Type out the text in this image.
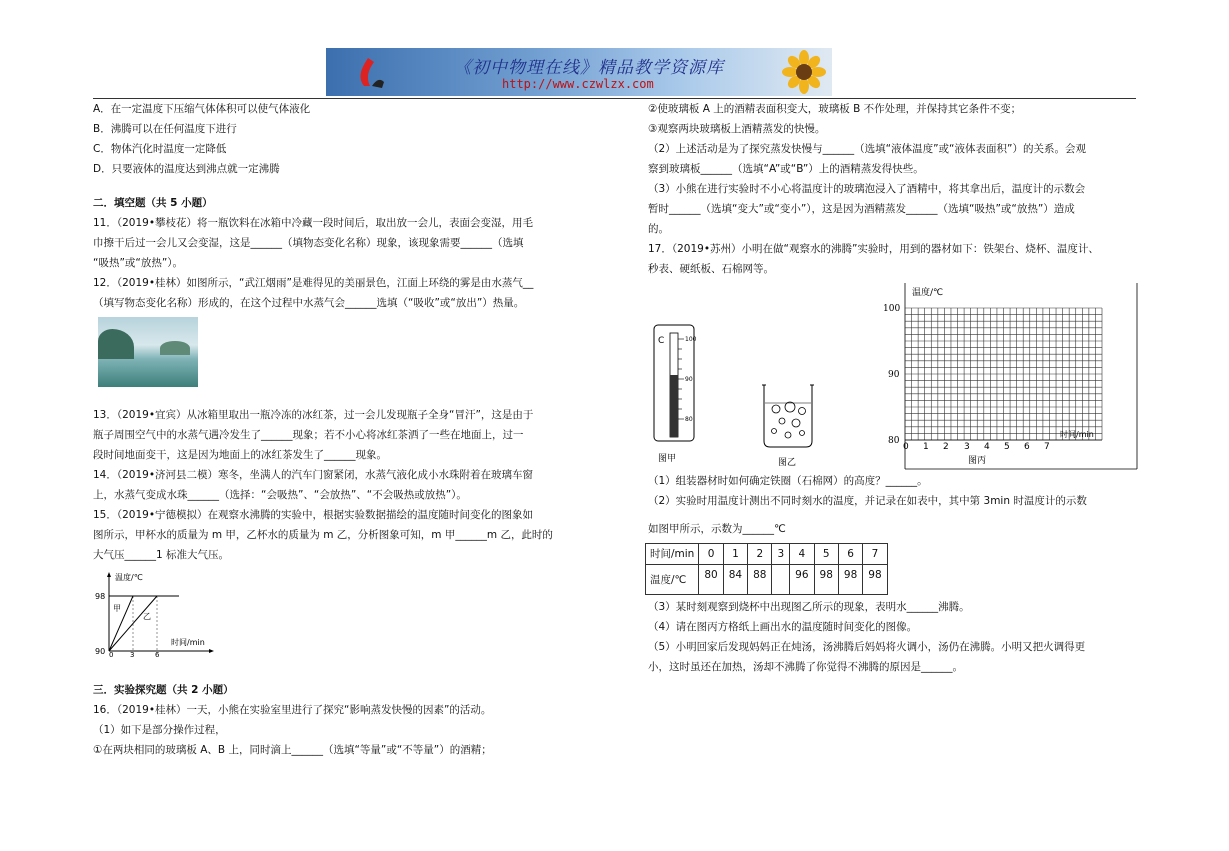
《初中物理在线》精品教学资源库
http://www.czwlzx.com

A．在一定温度下压缩气体体积可以使气体液化

B．沸腾可以在任何温度下进行

C．物体汽化时温度一定降低

D．只要液体的温度达到沸点就一定沸腾

二．填空题（共 5 小题）

11．（2019•攀枝花）将一瓶饮料在冰箱中冷藏一段时间后，取出放一会儿，表面会变湿，用毛

巾擦干后过一会儿又会变湿，这是______（填物态变化名称）现象，该现象需要______（选填

“吸热”或“放热”）。

12．（2019•桂林）如图所示，“武江烟雨”是难得见的美丽景色，江面上环绕的雾是由水蒸气__

（填写物态变化名称）形成的，在这个过程中水蒸气会______选填（“吸收”或“放出”）热量。

13．（2019•宜宾）从冰箱里取出一瓶冷冻的冰红茶，过一会儿发现瓶子全身“冒汗”，这是由于

瓶子周围空气中的水蒸气遇冷发生了______现象；若不小心将冰红茶洒了一些在地面上，过一

段时间地面变干，这是因为地面上的冰红茶发生了______现象。

14．（2019•济河县二模）寒冬，坐满人的汽车门窗紧闭，水蒸气液化成小水珠附着在玻璃车窗

上，水蒸气变成水珠______（选择：“会吸热”、“会放热”、“不会吸热或放热”）。

15．（2019•宁德模拟）在观察水沸腾的实验中，根据实验数据描绘的温度随时间变化的图象如

图所示，甲杯水的质量为 m 甲，乙杯水的质量为 m 乙，分析图象可知，m 甲______m 乙，此时的

大气压______1 标准大气压。

温度/℃
时间/min
98
90 0 3	6
甲
乙

三．实验探究题（共 2 小题）

16．（2019•桂林）一天，小熊在实验室里进行了探究“影响蒸发快慢的因素”的活动。

（1）如下是部分操作过程，

①在两块相同的玻璃板 A、B 上，同时滴上______（选填“等量”或“不等量”）的酒精；

②使玻璃板 A 上的酒精表面积变大，玻璃板 B 不作处理，并保持其它条件不变；

③观察两块玻璃板上酒精蒸发的快慢。

（2）上述活动是为了探究蒸发快慢与______（选填“液体温度”或“液体表面积”）的关系。会观

察到玻璃板______（选填“A”或“B”）上的酒精蒸发得快些。

（3）小熊在进行实验时不小心将温度计的玻璃泡浸入了酒精中，将其拿出后，温度计的示数会

暂时______（选填“变大”或“变小”），这是因为酒精蒸发______（选填“吸热”或“放热”）造成

的。

17．（2019•苏州）小明在做“观察水的沸腾”实验时，用到的器材如下：铁架台、烧杯、温度计、

秒表、硬纸板、石棉网等。

C	100
90
80
图甲	图乙
温度/℃
100
90
80
0 1 2 3 4 5 6 7
时间/min
图丙

（1）组装器材时如何确定铁圈（石棉网）的高度？______。

（2）实验时用温度计测出不同时刻水的温度，并记录在如表中，其中第 3min 时温度计的示数

如图甲所示，示数为______℃

时间/min	0	1	2	3	4	5	6	7
温度/℃	80	84	88		96	98	98	98

（3）某时刻观察到烧杯中出现图乙所示的现象，表明水______沸腾。

（4）请在图丙方格纸上画出水的温度随时间变化的图像。

（5）小明回家后发现妈妈正在炖汤，汤沸腾后妈妈将火调小，汤仍在沸腾。小明又把火调得更

小，这时虽还在加热，汤却不沸腾了你觉得不沸腾的原因是______。
